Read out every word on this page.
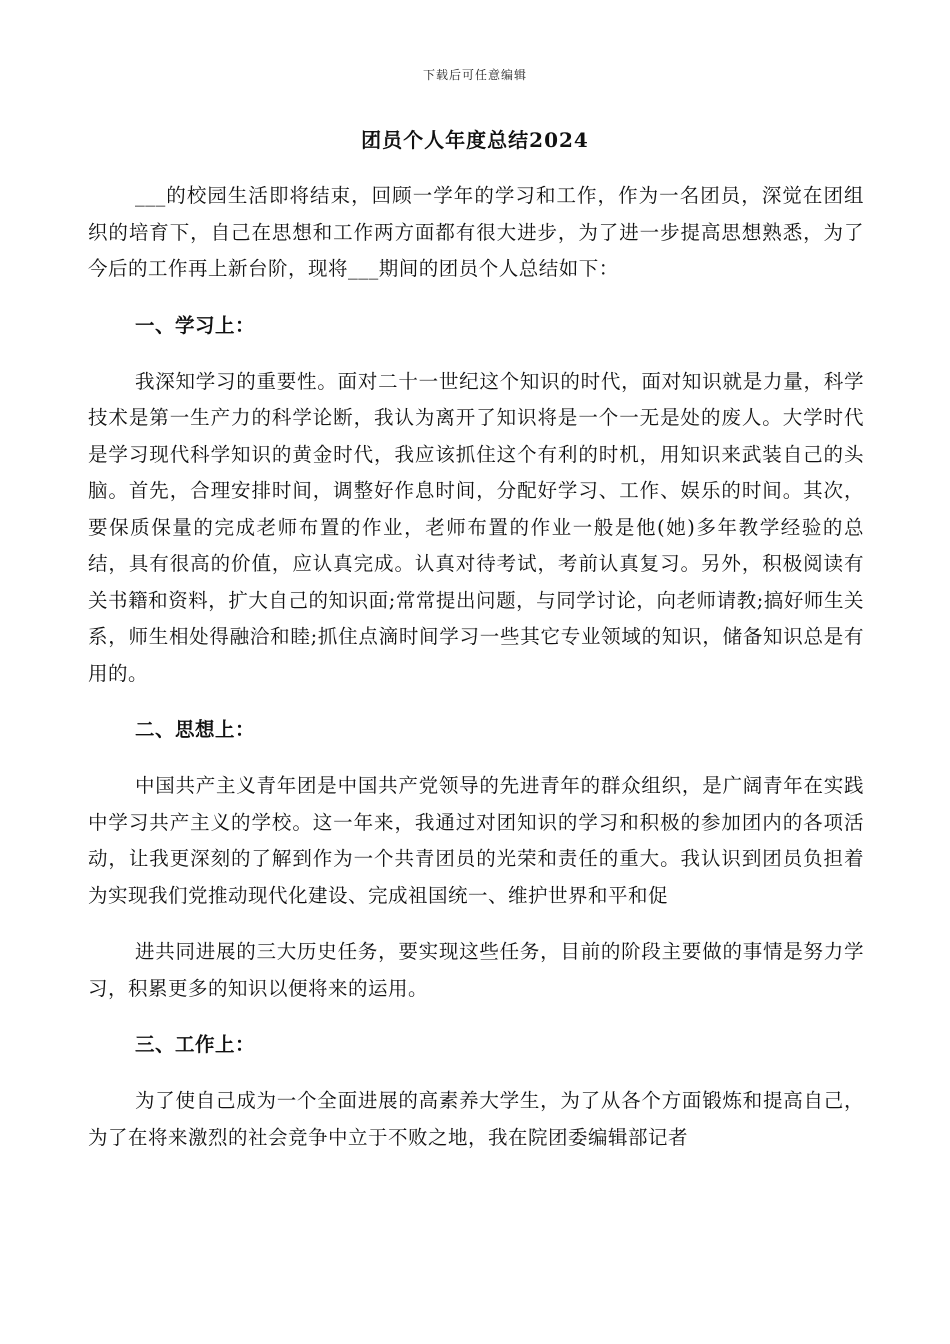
下载后可任意编辑
团员个人年度总结2024

___的校园生活即将结束，回顾一学年的学习和工作，作为一名团员，深觉在团组织的培育下，自己在思想和工作两方面都有很大进步，为了进一步提高思想熟悉，为了今后的工作再上新台阶，现将___期间的团员个人总结如下：

一、学习上：

我深知学习的重要性。面对二十一世纪这个知识的时代，面对知识就是力量，科学技术是第一生产力的科学论断，我认为离开了知识将是一个一无是处的废人。大学时代是学习现代科学知识的黄金时代，我应该抓住这个有利的时机，用知识来武装自己的头脑。首先，合理安排时间，调整好作息时间，分配好学习、工作、娱乐的时间。其次，要保质保量的完成老师布置的作业，老师布置的作业一般是他(她)多年教学经验的总结，具有很高的价值，应认真完成。认真对待考试，考前认真复习。另外，积极阅读有关书籍和资料，扩大自己的知识面;常常提出问题，与同学讨论，向老师请教;搞好师生关系，师生相处得融洽和睦;抓住点滴时间学习一些其它专业领域的知识，储备知识总是有用的。

二、思想上：

中国共产主义青年团是中国共产党领导的先进青年的群众组织，是广阔青年在实践中学习共产主义的学校。这一年来，我通过对团知识的学习和积极的参加团内的各项活动，让我更深刻的了解到作为一个共青团员的光荣和责任的重大。我认识到团员负担着为实现我们党推动现代化建设、完成祖国统一、维护世界和平和促

进共同进展的三大历史任务，要实现这些任务，目前的阶段主要做的事情是努力学习，积累更多的知识以便将来的运用。

三、工作上：

为了使自己成为一个全面进展的高素养大学生，为了从各个方面锻炼和提高自己，为了在将来激烈的社会竞争中立于不败之地，我在院团委编辑部记者
